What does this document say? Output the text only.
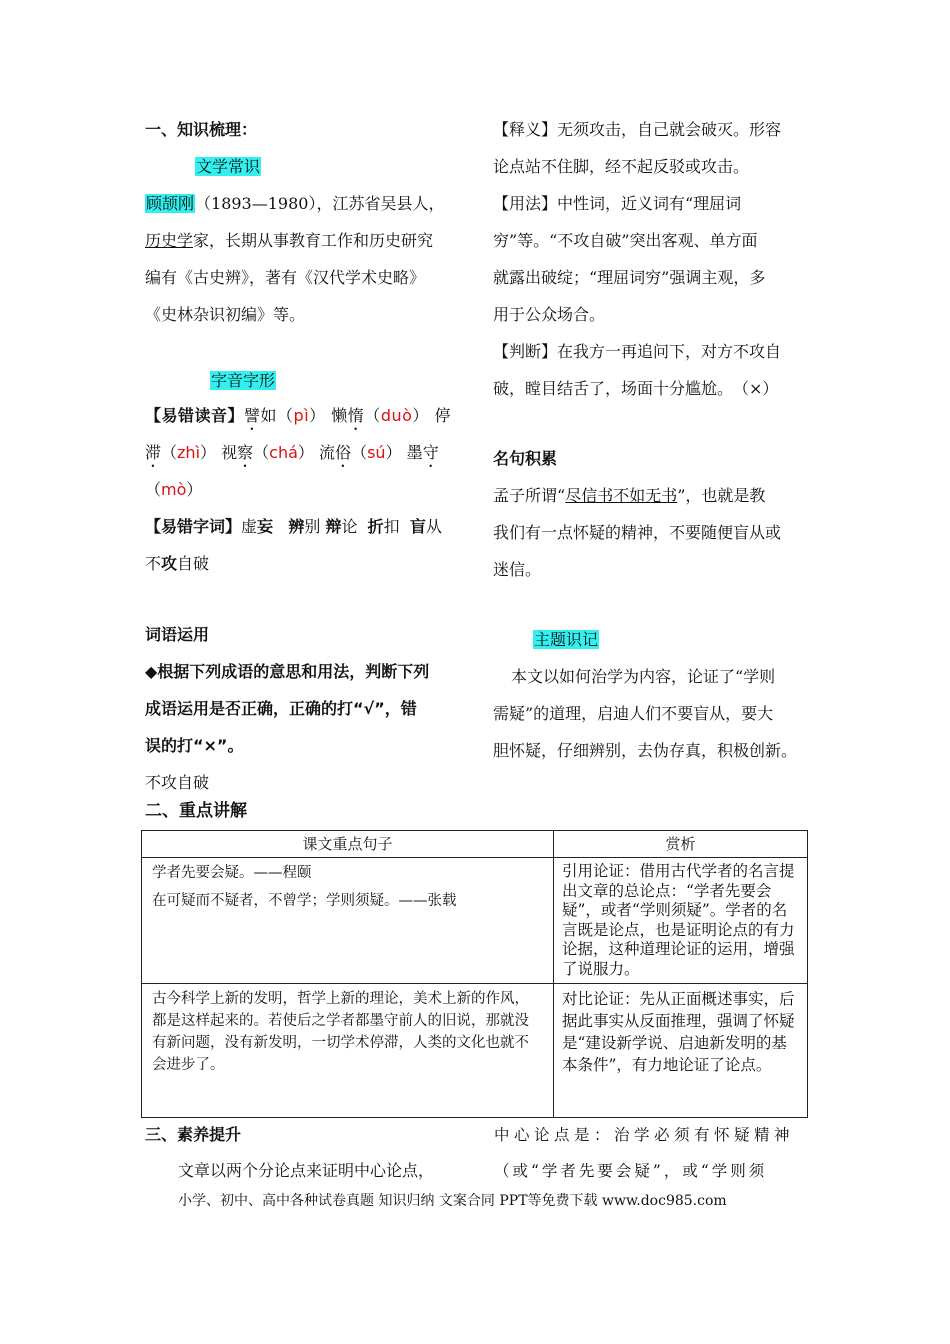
一、知识梳理：
文学常识
顾颉刚（1893—1980），江苏省吴县人，
历史学家，长期从事教育工作和历史研究
编有《古史辨》，著有《汉代学术史略》
《史林杂识初编》等。
字音字形
【易错读音】譬如（pì） 懒惰（duò） 停
滞（zhì） 视察（chá） 流俗（sú） 墨守
（mò）
【易错字词】虚妄 辨别 辩论 折扣 盲从
不攻自破
词语运用
◆根据下列成语的意思和用法，判断下列
成语运用是否正确，正确的打“√”，错
误的打“×”。
不攻自破
【释义】无须攻击，自己就会破灭。形容
论点站不住脚，经不起反驳或攻击。
【用法】中性词，近义词有“理屈词
穷”等。“不攻自破”突出客观、单方面
就露出破绽；“理屈词穷”强调主观，多
用于公众场合。
【判断】在我方一再追问下，对方不攻自
破，瞠目结舌了，场面十分尴尬。　（×）
名句积累
孟子所谓“尽信书不如无书”，也就是教
我们有一点怀疑的精神，不要随便盲从或
迷信。
主题识记
本文以如何治学为内容，论证了“学则
需疑”的道理，启迪人们不要盲从，要大
胆怀疑，仔细辨别，去伪存真，积极创新。
二、重点讲解
课文重点句子	赏析

学者先要会疑。——程颐
在可疑而不疑者，不曾学；学则须疑。——张载	引用论证：借用古代学者的名言提出文章的总论点：“学者先要会疑”，或者“学则须疑”。学者的名言既是论点，也是证明论点的有力论据，这种道理论证的运用，增强了说服力。
古今科学上新的发明，哲学上新的理论，美术上新的作风，都是这样起来的。若使后之学者都墨守前人的旧说，那就没有新问题，没有新发明，一切学术停滞，人类的文化也就不会进步了。	对比论证：先从正面概述事实，后据此事实从反面推理，强调了怀疑是“建设新学说、启迪新发明的基本条件”，有力地论证了论点。
三、素养提升
文章以两个分论点来证明中心论点，
中心论点是：治学必须有怀疑精神
（或“学者先要会疑”，或“学则须
小学、初中、高中各种试卷真题 知识归纳 文案合同 PPT等免费下载 www.doc985.com
